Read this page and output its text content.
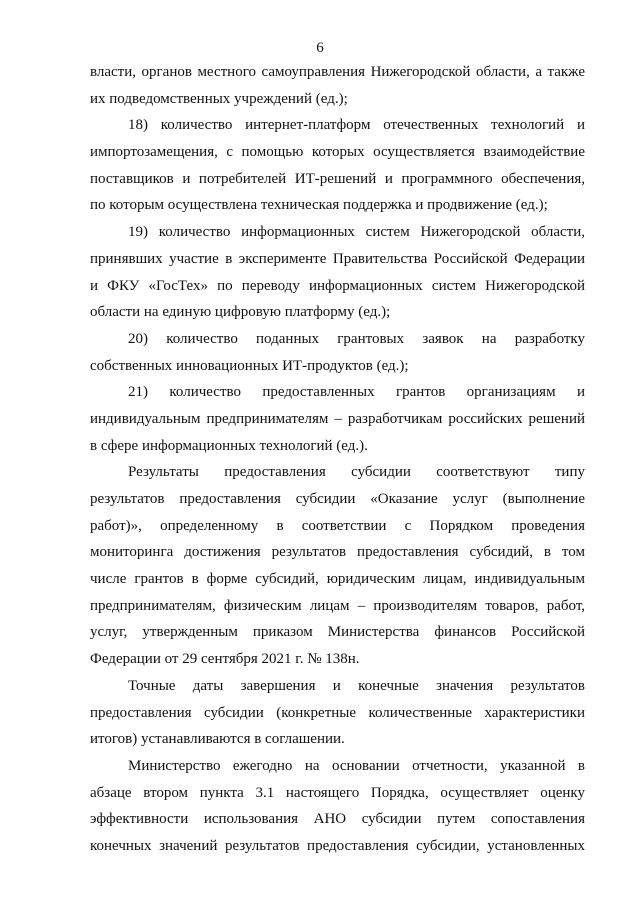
6
власти, органов местного самоуправления Нижегородской области, а также
их подведомственных учреждений (ед.);
18) количество интернет-платформ отечественных технологий и
импортозамещения, с помощью которых осуществляется взаимодействие
поставщиков и потребителей ИТ-решений и программного обеспечения,
по которым осуществлена техническая поддержка и продвижение (ед.);
19) количество информационных систем Нижегородской области,
принявших участие в эксперименте Правительства Российской Федерации
и ФКУ «ГосТех» по переводу информационных систем Нижегородской
области на единую цифровую платформу (ед.);
20) количество поданных грантовых заявок на разработку
собственных инновационных ИТ-продуктов (ед.);
21) количество предоставленных грантов организациям и
индивидуальным предпринимателям – разработчикам российских решений
в сфере информационных технологий (ед.).
Результаты предоставления субсидии соответствуют типу
результатов предоставления субсидии «Оказание услуг (выполнение
работ)», определенному в соответствии с Порядком проведения
мониторинга достижения результатов предоставления субсидий, в том
числе грантов в форме субсидий, юридическим лицам, индивидуальным
предпринимателям, физическим лицам – производителям товаров, работ,
услуг, утвержденным приказом Министерства финансов Российской
Федерации от 29 сентября 2021 г. № 138н.
Точные даты завершения и конечные значения результатов
предоставления субсидии (конкретные количественные характеристики
итогов) устанавливаются в соглашении.
Министерство ежегодно на основании отчетности, указанной в
абзаце втором пункта 3.1 настоящего Порядка, осуществляет оценку
эффективности использования АНО субсидии путем сопоставления
конечных значений результатов предоставления субсидии, установленных
